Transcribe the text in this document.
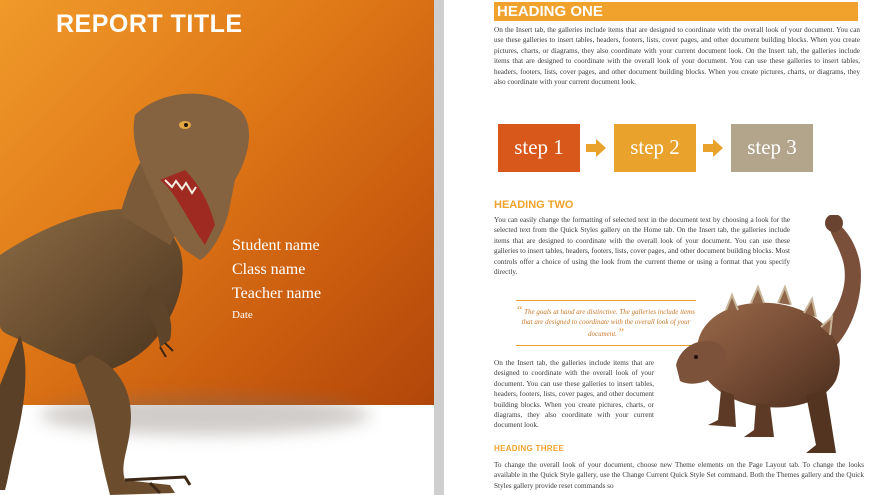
REPORT TITLE
Student name
Class name
Teacher name
Date
HEADING ONE
On the Insert tab, the galleries include items that are designed to coordinate with the overall look of your document. You can use these galleries to insert tables, headers, footers, lists, cover pages, and other document building blocks. When you create pictures, charts, or diagrams, they also coordinate with your current document look. On the Insert tab, the galleries include items that are designed to coordinate with the overall look of your document. You can use these galleries to insert tables, headers, footers, lists, cover pages, and other document building blocks. When you create pictures, charts, or diagrams, they also coordinate with your current document look.
step 1	step 2	step 3
HEADING TWO
You can easily change the formatting of selected text in the document text by choosing a look for the selected text from the Quick Styles gallery on the Home tab. On the Insert tab, the galleries include items that are designed to coordinate with the overall look of your document. You can use these galleries to insert tables, headers, footers, lists, cover pages, and other document building blocks. Most controls offer a choice of using the look from the current theme or using a format that you specify directly.
“ The goals at hand are distinctive. The galleries include items that are designed to coordinate with the overall look of your document. ”
On the Insert tab, the galleries include items that are designed to coordinate with the overall look of your document. You can use these galleries to insert tables, headers, footers, lists, cover pages, and other document building blocks. When you create pictures, charts, or diagrams, they also coordinate with your current document look.
HEADING THREE
To change the overall look of your document, choose new Theme elements on the Page Layout tab. To change the looks available in the Quick Style gallery, use the Change Current Quick Style Set command. Both the Themes gallery and the Quick Styles gallery provide reset commands so
